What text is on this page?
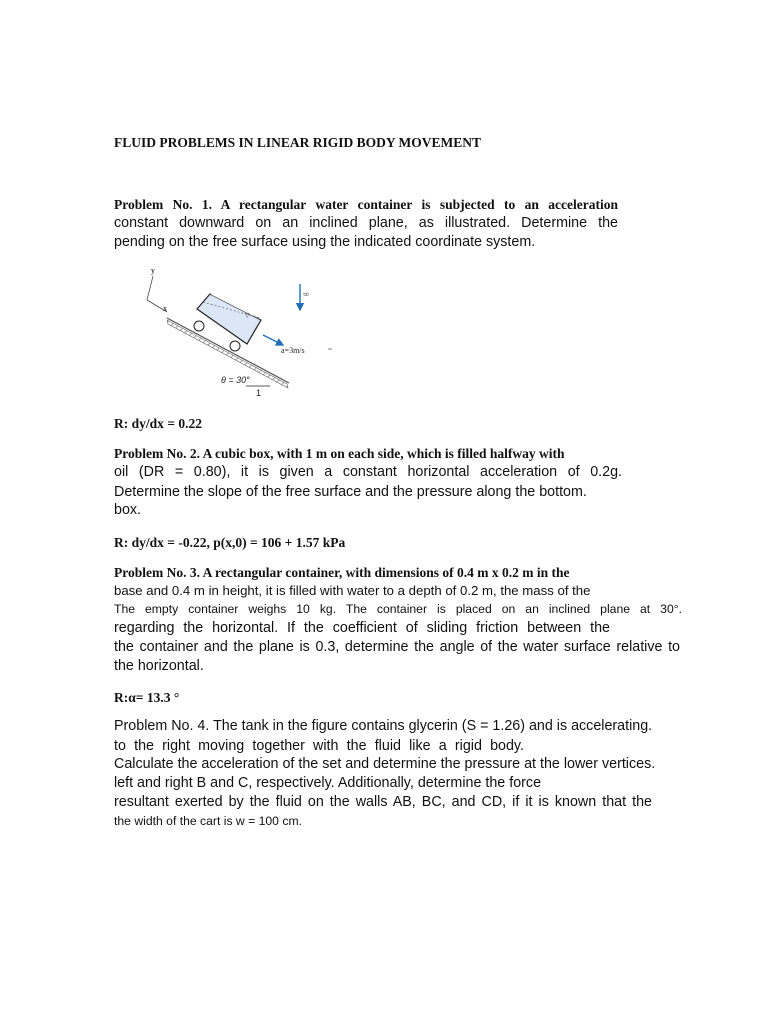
FLUID PROBLEMS IN LINEAR RIGID BODY MOVEMENT
Problem No. 1. A rectangular water container is subjected to an acceleration
constant downward on an inclined plane, as illustrated. Determine the
pending on the free surface using the indicated coordinate system.
y
x
▽
g
a=3m/s
θ = 30°
1
R: dy/dx = 0.22
Problem No. 2. A cubic box, with 1 m on each side, which is filled halfway with
oil (DR = 0.80), it is given a constant horizontal acceleration of 0.2g.
Determine the slope of the free surface and the pressure along the bottom.
box.
R: dy/dx = -0.22, p(x,0) = 106 + 1.57 kPa
Problem No. 3. A rectangular container, with dimensions of 0.4 m x 0.2 m in the
base and 0.4 m in height, it is filled with water to a depth of 0.2 m, the mass of the
The empty container weighs 10 kg. The container is placed on an inclined plane at 30°.
regarding the horizontal. If the coefficient of sliding friction between the
the container and the plane is 0.3, determine the angle of the water surface relative to
the horizontal.
R:α= 13.3 °
Problem No. 4. The tank in the figure contains glycerin (S = 1.26) and is accelerating.
to the right moving together with the fluid like a rigid body.
Calculate the acceleration of the set and determine the pressure at the lower vertices.
left and right B and C, respectively. Additionally, determine the force
resultant exerted by the fluid on the walls AB, BC, and CD, if it is known that the
the width of the cart is w = 100 cm.
